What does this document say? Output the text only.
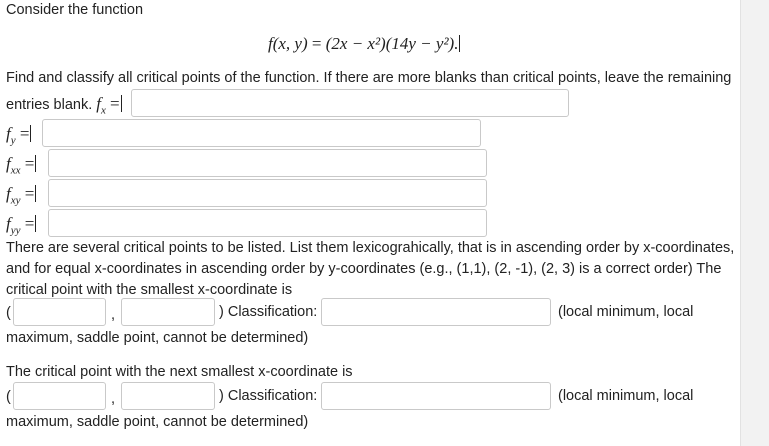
Consider the function
f(x, y) = (2x − x²)(14y − y²).
Find and classify all critical points of the function. If there are more blanks than critical points, leave the remaining
entries blank. $f_x$ =
$f_y$ =
$f_{xx}$ =
$f_{xy}$ =
$f_{yy}$ =
There are several critical points to be listed. List them lexicograhically, that is in ascending order by x-coordinates,
and for equal x-coordinates in ascending order by y-coordinates (e.g., (1,1), (2, -1), (2, 3) is a correct order) The
critical point with the smallest x-coordinate is
(	,	) Classification:	(local minimum, local
maximum, saddle point, cannot be determined)
The critical point with the next smallest x-coordinate is
(	,	) Classification:	(local minimum, local
maximum, saddle point, cannot be determined)
